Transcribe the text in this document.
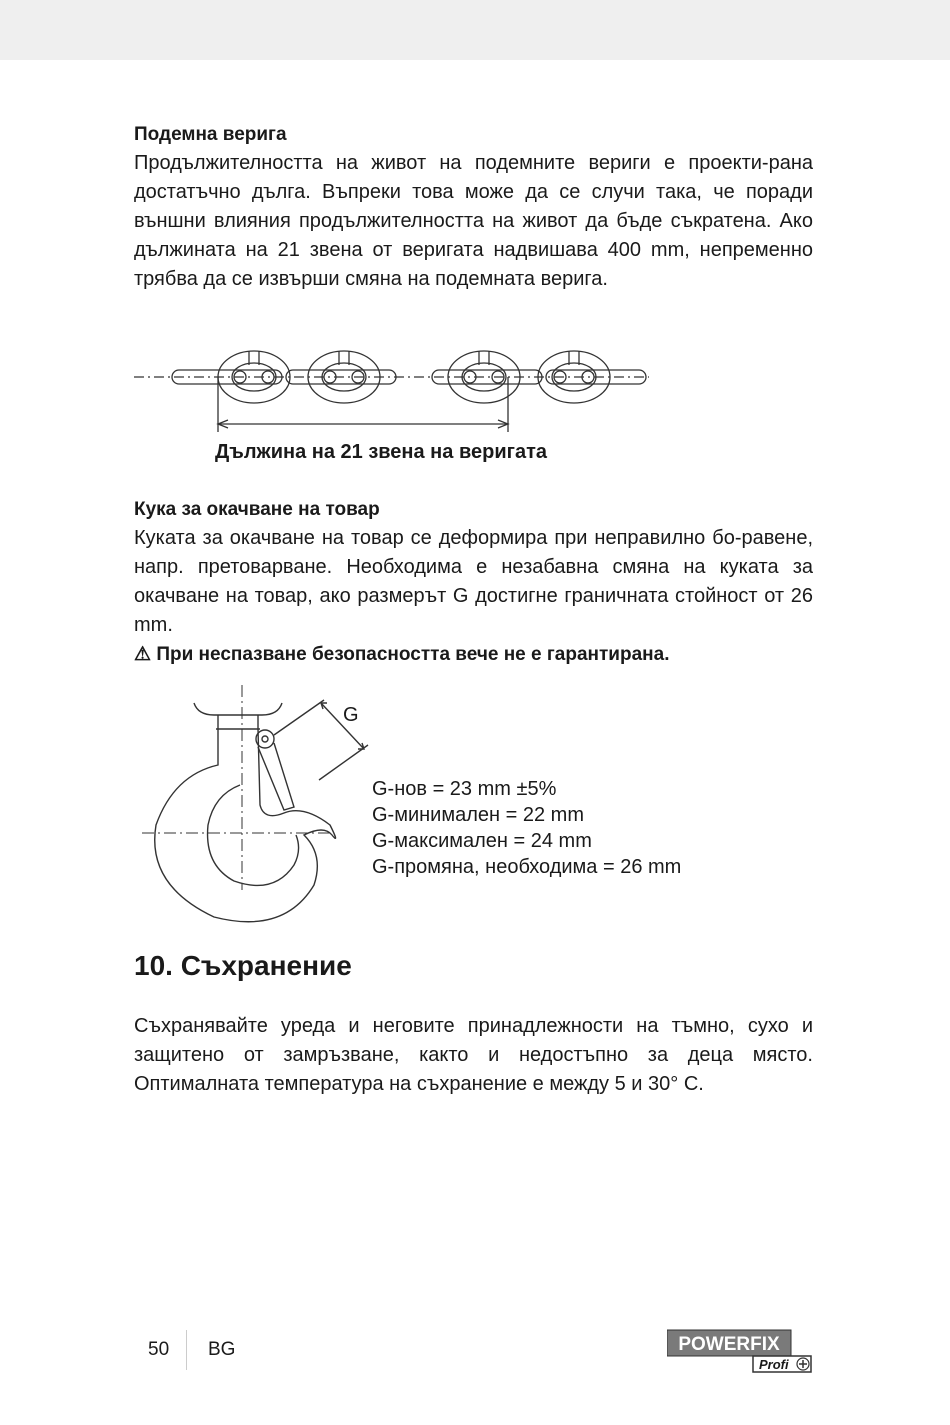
Подемна верига

Продължителността на живот на подемните вериги е проекти-рана достатъчно дълга. Въпреки това може да се случи така, че поради външни влияния продължителността на живот да бъде съкратена. Ако дължината на 21 звена от веригата надвишава 400 mm, непременно трябва да се извърши смяна на подемната верига.

Дължина на 21 звена на веригата

Кука за окачване на товар

Куката за окачване на товар се деформира при неправилно бо-равене, напр. претоварване. Необходима е незабавна смяна на куката за окачване на товар, ако размерът G достигне граничната стойност от 26 mm.

⚠ При неспазване безопасността вече не е гарантирана.

G
G-нов = 23 mm ±5%
G-минимален = 22 mm
G-максимален = 24 mm
G-промяна, необходима = 26 mm
10. Съхранение

Съхранявайте уреда и неговите принадлежности на тъмно, сухо и защитено от замръзване, както и недостъпно за деца място. Оптималната температура на съхранение е между 5 и 30° C.

50 BG	POWERFIX
Profi
